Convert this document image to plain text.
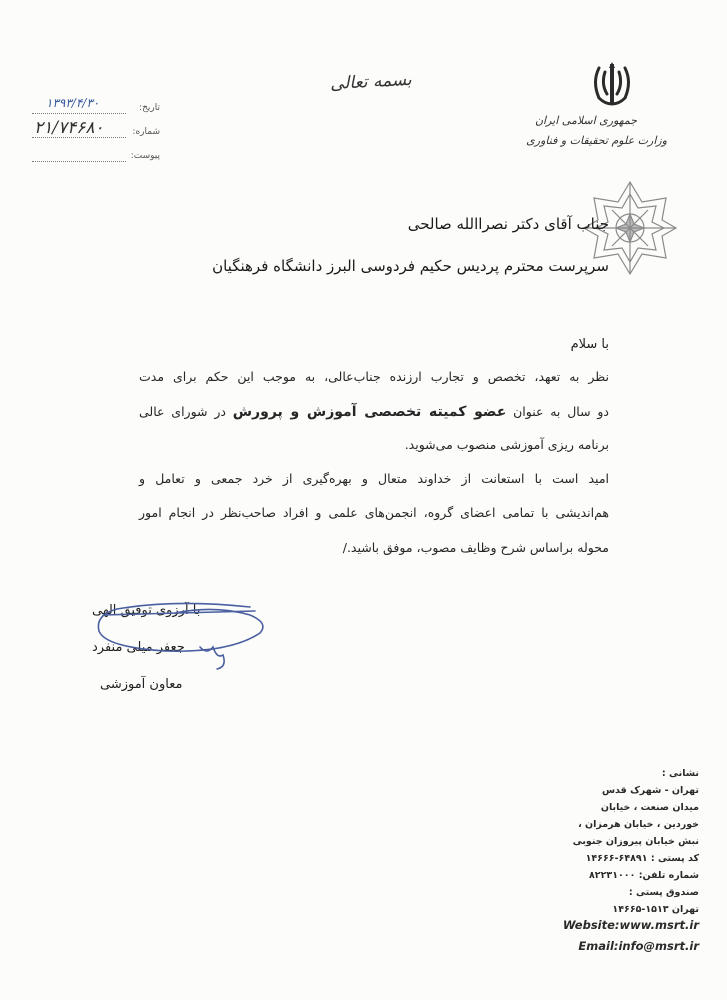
بسمه تعالی
جمهوری اسلامی ایران
وزارت علوم تحقیقات و فناوری
تاریخ:
۱۳۹۳/۴/۳۰
شماره:
۲۱/۷۴۶۸۰
پیوست:
جناب آقای دکتر نصراالله صالحی
سرپرست محترم پردیس حکیم فردوسی البرز دانشگاه فرهنگیان
با سلام
نظر به تعهد، تخصص و تجارب ارزنده جناب‌عالی، به موجب این حکم برای مدت
دو سال به عنوان عضو کمیته تخصصی آموزش و پرورش در شورای عالی
برنامه ریزی آموزشی منصوب می‌شوید.
امید است با استعانت از خداوند متعال و بهره‌گیری از خرد جمعی و تعامل و
هم‌اندیشی با تمامی اعضای گروه، انجمن‌های علمی و افراد صاحب‌نظر در انجام امور
محوله براساس شرح وظایف مصوب، موفق باشید./
با آرزوی توفیق الهی
جعفر میلی منفرد
معاون آموزشی
نشانی :
تهران - شهرک قدس
میدان صنعت ، خیابان
خوردین ، خیابان هرمزان ،
نبش خیابان پیروزان جنوبی
کد پستی : ۶۴۸۹۱-۱۴۶۶۶
شماره تلفن: ۸۲۲۳۱۰۰۰
صندوق پستی :
تهران ۱۵۱۳-۱۴۶۶۵
Website:www.msrt.ir
Email:info@msrt.ir
